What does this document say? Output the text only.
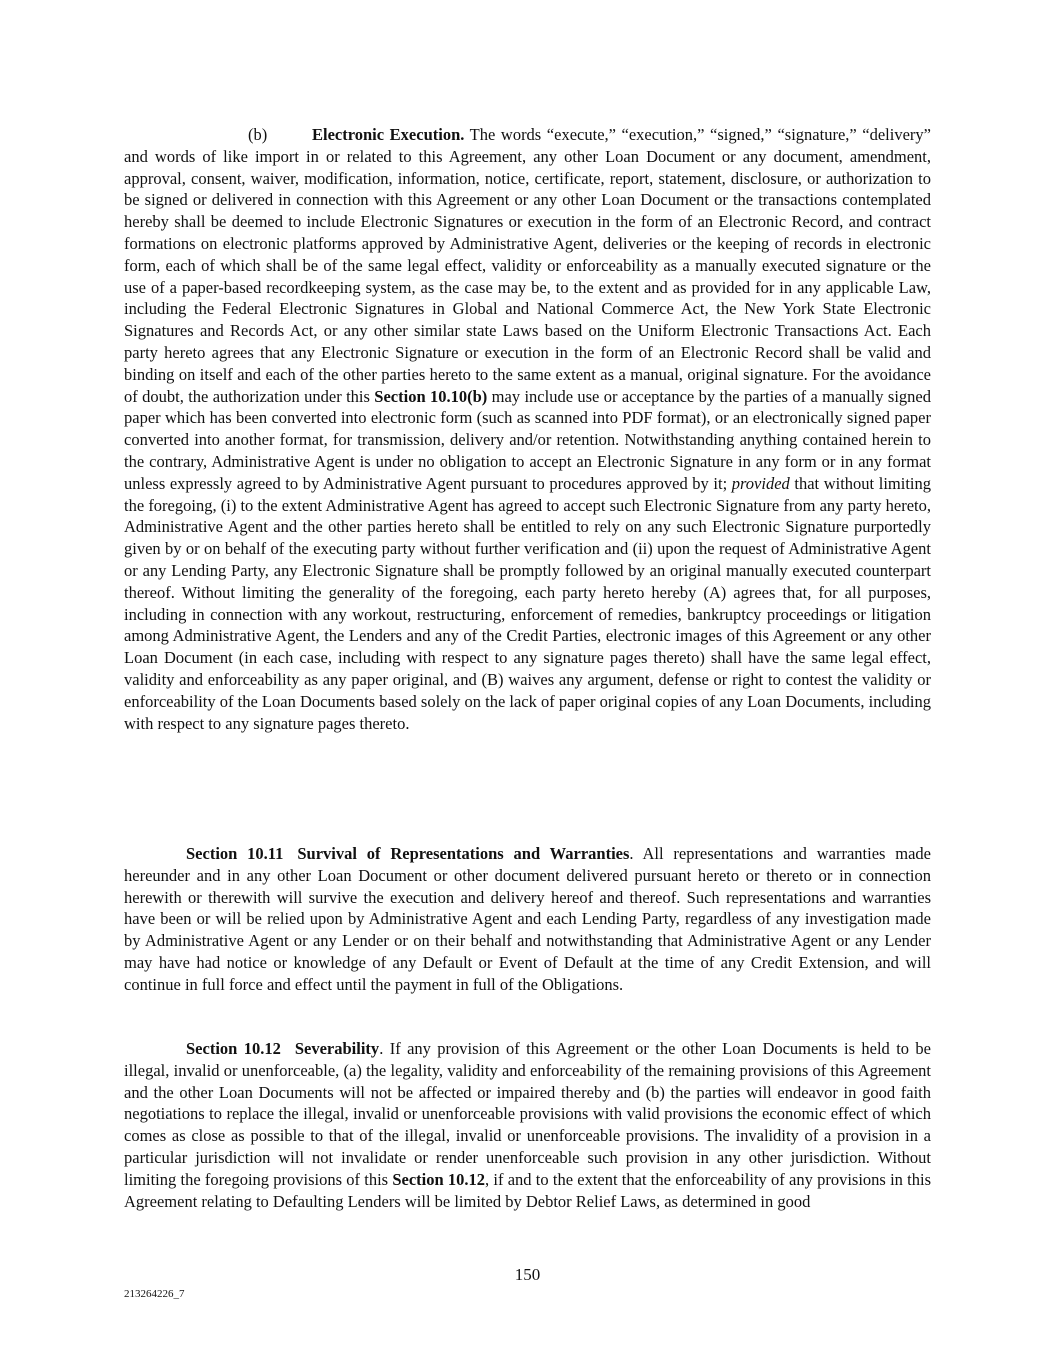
(b)	Electronic Execution. The words “execute,” “execution,” “signed,” “signature,” “delivery” and words of like import in or related to this Agreement, any other Loan Document or any document, amendment, approval, consent, waiver, modification, information, notice, certificate, report, statement, disclosure, or authorization to be signed or delivered in connection with this Agreement or any other Loan Document or the transactions contemplated hereby shall be deemed to include Electronic Signatures or execution in the form of an Electronic Record, and contract formations on electronic platforms approved by Administrative Agent, deliveries or the keeping of records in electronic form, each of which shall be of the same legal effect, validity or enforceability as a manually executed signature or the use of a paper-based recordkeeping system, as the case may be, to the extent and as provided for in any applicable Law, including the Federal Electronic Signatures in Global and National Commerce Act, the New York State Electronic Signatures and Records Act, or any other similar state Laws based on the Uniform Electronic Transactions Act. Each party hereto agrees that any Electronic Signature or execution in the form of an Electronic Record shall be valid and binding on itself and each of the other parties hereto to the same extent as a manual, original signature. For the avoidance of doubt, the authorization under this Section 10.10(b) may include use or acceptance by the parties of a manually signed paper which has been converted into electronic form (such as scanned into PDF format), or an electronically signed paper converted into another format, for transmission, delivery and/or retention. Notwithstanding anything contained herein to the contrary, Administrative Agent is under no obligation to accept an Electronic Signature in any form or in any format unless expressly agreed to by Administrative Agent pursuant to procedures approved by it; provided that without limiting the foregoing, (i) to the extent Administrative Agent has agreed to accept such Electronic Signature from any party hereto, Administrative Agent and the other parties hereto shall be entitled to rely on any such Electronic Signature purportedly given by or on behalf of the executing party without further verification and (ii) upon the request of Administrative Agent or any Lending Party, any Electronic Signature shall be promptly followed by an original manually executed counterpart thereof. Without limiting the generality of the foregoing, each party hereto hereby (A) agrees that, for all purposes, including in connection with any workout, restructuring, enforcement of remedies, bankruptcy proceedings or litigation among Administrative Agent, the Lenders and any of the Credit Parties, electronic images of this Agreement or any other Loan Document (in each case, including with respect to any signature pages thereto) shall have the same legal effect, validity and enforceability as any paper original, and (B) waives any argument, defense or right to contest the validity or enforceability of the Loan Documents based solely on the lack of paper original copies of any Loan Documents, including with respect to any signature pages thereto.
Section 10.11 Survival of Representations and Warranties. All representations and warranties made hereunder and in any other Loan Document or other document delivered pursuant hereto or thereto or in connection herewith or therewith will survive the execution and delivery hereof and thereof. Such representations and warranties have been or will be relied upon by Administrative Agent and each Lending Party, regardless of any investigation made by Administrative Agent or any Lender or on their behalf and notwithstanding that Administrative Agent or any Lender may have had notice or knowledge of any Default or Event of Default at the time of any Credit Extension, and will continue in full force and effect until the payment in full of the Obligations.
Section 10.12 Severability. If any provision of this Agreement or the other Loan Documents is held to be illegal, invalid or unenforceable, (a) the legality, validity and enforceability of the remaining provisions of this Agreement and the other Loan Documents will not be affected or impaired thereby and (b) the parties will endeavor in good faith negotiations to replace the illegal, invalid or unenforceable provisions with valid provisions the economic effect of which comes as close as possible to that of the illegal, invalid or unenforceable provisions. The invalidity of a provision in a particular jurisdiction will not invalidate or render unenforceable such provision in any other jurisdiction. Without limiting the foregoing provisions of this Section 10.12, if and to the extent that the enforceability of any provisions in this Agreement relating to Defaulting Lenders will be limited by Debtor Relief Laws, as determined in good
150
213264226_7
